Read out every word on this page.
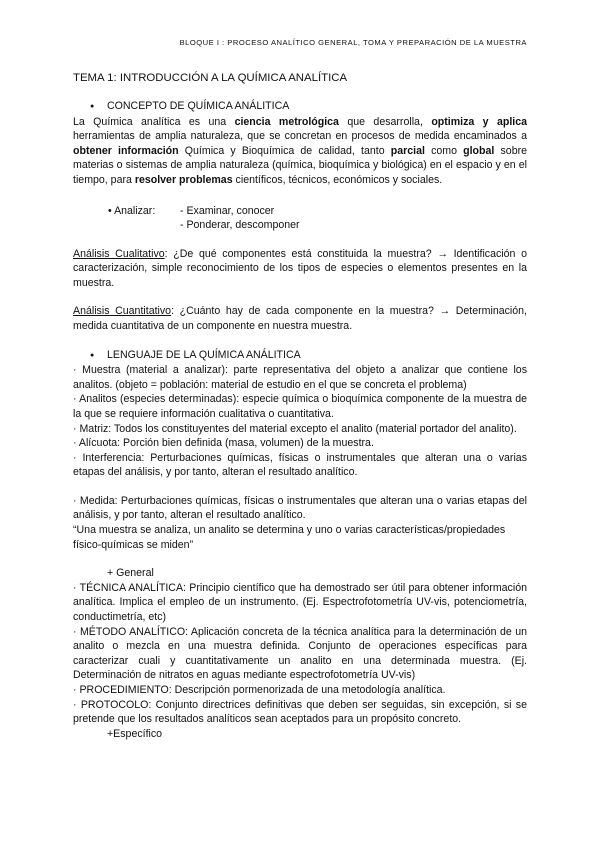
BLOQUE I : PROCESO ANALÍTICO GENERAL, TOMA Y PREPARACIÓN DE LA MUESTRA
TEMA 1: INTRODUCCIÓN A LA QUÍMICA ANALÍTICA
● CONCEPTO DE QUÍMICA ANÁLITICA
La Química analítica es una ciencia metrológica que desarrolla, optimiza y aplica herramientas de amplia naturaleza, que se concretan en procesos de medida encaminados a obtener información Química y Bioquímica de calidad, tanto parcial como global sobre materias o sistemas de amplia naturaleza (química, bioquímica y biológica) en el espacio y en el tiempo, para resolver problemas científicos, técnicos, económicos y sociales.
• Analizar: - Examinar, conocer
- Ponderar, descomponer
Análisis Cualitativo: ¿De qué componentes está constituida la muestra? → Identificación o caracterización, simple reconocimiento de los tipos de especies o elementos presentes en la muestra.
Análisis Cuantitativo: ¿Cuánto hay de cada componente en la muestra? → Determinación, medida cuantitativa de un componente en nuestra muestra.
● LENGUAJE DE LA QUÍMICA ANÁLITICA
· Muestra (material a analizar): parte representativa del objeto a analizar que contiene los analitos. (objeto = población: material de estudio en el que se concreta el problema)
· Analitos (especies determinadas): especie química o bioquímica componente de la muestra de la que se requiere información cualitativa o cuantitativa.
· Matriz: Todos los constituyentes del material excepto el analito (material portador del analito).
· Alícuota: Porción bien definida (masa, volumen) de la muestra.
· Interferencia: Perturbaciones químicas, físicas o instrumentales que alteran una o varias etapas del análisis, y por tanto, alteran el resultado analítico.
· Medida: Perturbaciones químicas, físicas o instrumentales que alteran una o varias etapas del análisis, y por tanto, alteran el resultado analítico.
“Una muestra se analiza, un analito se determina y uno o varias características/propiedades físico-químicas se miden”
+ General
· TÉCNICA ANALÍTICA: Principio científico que ha demostrado ser útil para obtener información analítica. Implica el empleo de un instrumento. (Ej. Espectrofotometría UV-vis, potenciometría, conductimetría, etc)
· MÉTODO ANALÍTICO: Aplicación concreta de la técnica analítica para la determinación de un analito o mezcla en una muestra definida. Conjunto de operaciones específicas para caracterizar cuali y cuantitativamente un analito en una determinada muestra. (Ej. Determinación de nitratos en aguas mediante espectrofotometría UV-vis)
· PROCEDIMIENTO: Descripción pormenorizada de una metodología analítica.
· PROTOCOLO: Conjunto directrices definitivas que deben ser seguidas, sin excepción, si se pretende que los resultados analíticos sean aceptados para un propósito concreto.
+Específico
